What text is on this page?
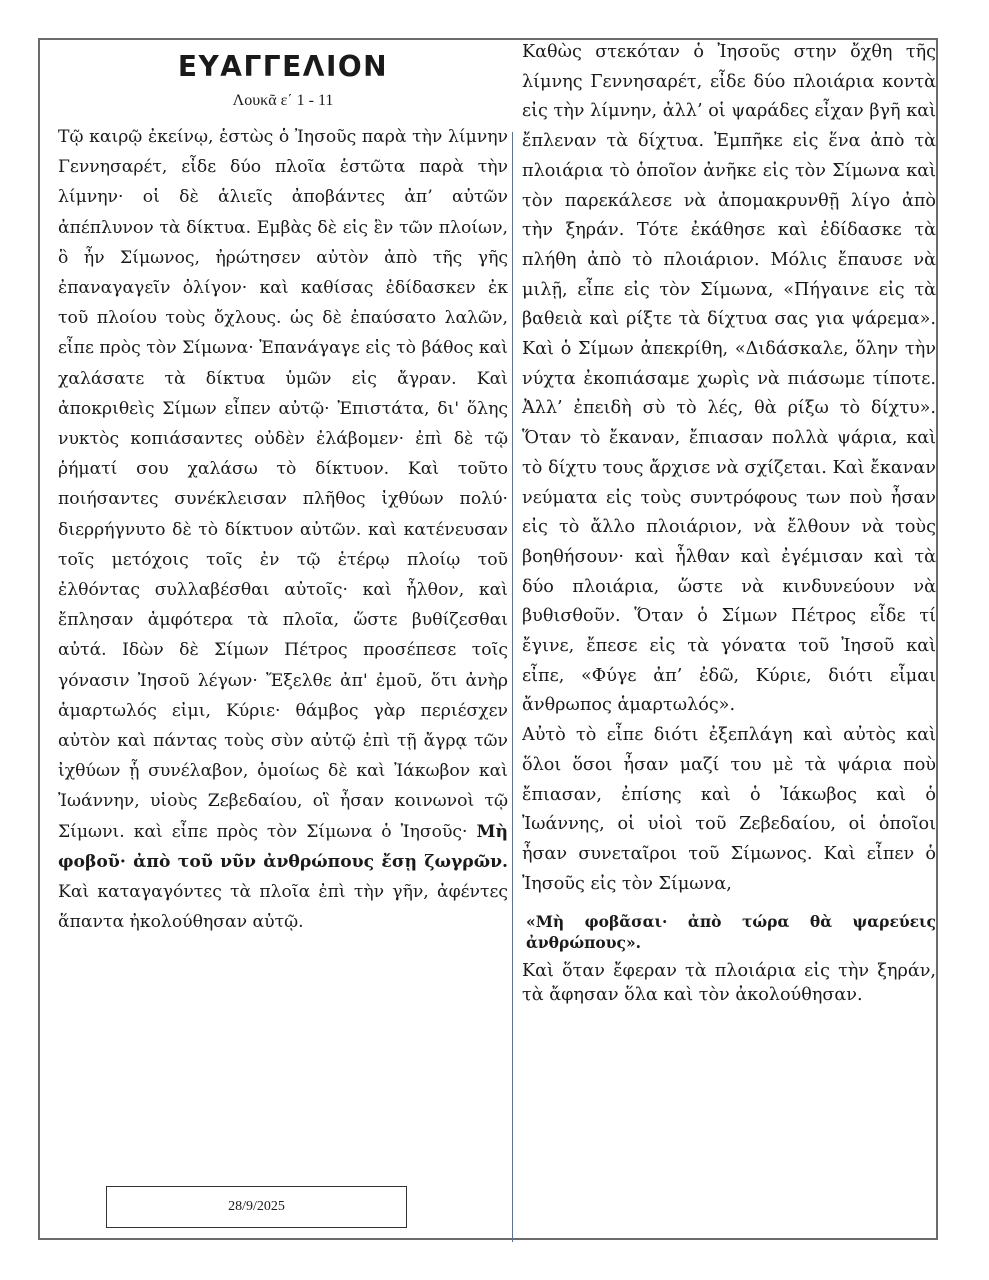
ΕΥΑΓΓΕΛΙΟΝ
Λουκᾶ ε΄ 1 - 11
Τῷ καιρῷ ἐκείνῳ, ἑστὼς ὁ Ἰησοῦς παρὰ τὴν λίμνην Γεννησαρέτ, εἶδε δύο πλοῖα ἑστῶτα παρὰ τὴν λίμνην· οἱ δὲ ἁλιεῖς ἀποβάντες ἀπ’ αὐτῶν ἀπέπλυνον τὰ δίκτυα. Εμβὰς δὲ εἰς ἓν τῶν πλοίων, ὃ ἦν Σίμωνος, ἠρώτησεν αὐτὸν ἀπὸ τῆς γῆς ἐπαναγαγεῖν ὀλίγον· καὶ καθίσας ἐδίδασκεν ἐκ τοῦ πλοίου τοὺς ὄχλους. ὡς δὲ ἐπαύσατο λαλῶν, εἶπε πρὸς τὸν Σίμωνα· Ἐπανάγαγε εἰς τὸ βάθος καὶ χαλάσατε τὰ δίκτυα ὑμῶν εἰς ἄγραν. Καὶ ἀποκριθεὶς Σίμων εἶπεν αὐτῷ· Ἐπιστάτα, δι' ὅλης νυκτὸς κοπιάσαντες οὐδὲν ἐλάβομεν· ἐπὶ δὲ τῷ ῥήματί σου χαλάσω τὸ δίκτυον. Καὶ τοῦτο ποιήσαντες συνέκλεισαν πλῆθος ἰχθύων πολύ· διερρήγνυτο δὲ τὸ δίκτυον αὐτῶν. καὶ κατένευσαν τοῖς μετόχοις τοῖς ἐν τῷ ἑτέρῳ πλοίῳ τοῦ ἐλθόντας συλλαβέσθαι αὐτοῖς· καὶ ἦλθον, καὶ ἔπλησαν ἀμφότερα τὰ πλοῖα, ὥστε βυθίζεσθαι αὐτά. Ιδὼν δὲ Σίμων Πέτρος προσέπεσε τοῖς γόνασιν Ἰησοῦ λέγων· Ἔξελθε ἀπ' ἐμοῦ, ὅτι ἀνὴρ ἁμαρτωλός εἰμι, Κύριε· θάμβος γὰρ περιέσχεν αὐτὸν καὶ πάντας τοὺς σὺν αὐτῷ ἐπὶ τῇ ἄγρᾳ τῶν ἰχθύων ᾗ συνέλαβον, ὁμοίως δὲ καὶ Ἰάκωβον καὶ Ἰωάννην, υἱοὺς Ζεβεδαίου, οἳ ἦσαν κοινωνοὶ τῷ Σίμωνι. καὶ εἶπε πρὸς τὸν Σίμωνα ὁ Ἰησοῦς· Μὴ φοβοῦ· ἀπὸ τοῦ νῦν ἀνθρώπους ἔσῃ ζωγρῶν. Καὶ καταγαγόντες τὰ πλοῖα ἐπὶ τὴν γῆν, ἀφέντες ἅπαντα ἠκολούθησαν αὐτῷ.
28/9/2025

Καθὼς στεκόταν ὁ Ἰησοῦς στην ὄχθη τῆς λίμνης Γεννησαρέτ, εἶδε δύο πλοιάρια κοντὰ εἰς τὴν λίμνην, ἀλλ’ οἱ ψαράδες εἶχαν βγῆ καὶ ἔπλεναν τὰ δίχτυα. Ἐμπῆκε εἰς ἕνα ἀπὸ τὰ πλοιάρια τὸ ὁποῖον ἀνῆκε εἰς τὸν Σίμωνα καὶ τὸν παρεκάλεσε νὰ ἀπομακρυνθῇ λίγο ἀπὸ τὴν ξηράν. Τότε ἐκάθησε καὶ ἐδίδασκε τὰ πλήθη ἀπὸ τὸ πλοιάριον. Μόλις ἔπαυσε νὰ μιλῇ, εἶπε εἰς τὸν Σίμωνα, «Πήγαινε εἰς τὰ βαθειὰ καὶ ρίξτε τὰ δίχτυα σας για ψάρεμα». Καὶ ὁ Σίμων ἀπεκρίθη, «Διδάσκαλε, ὅλην τὴν νύχτα ἐκοπιάσαμε χωρὶς νὰ πιάσωμε τίποτε. Ἀλλ’ ἐπειδὴ σὺ τὸ λές, θὰ ρίξω τὸ δίχτυ». Ὅταν τὸ ἔκαναν, ἔπιασαν πολλὰ ψάρια, καὶ τὸ δίχτυ τους ἄρχισε νὰ σχίζεται. Καὶ ἔκαναν νεύματα εἰς τοὺς συντρόφους των ποὺ ἦσαν εἰς τὸ ἄλλο πλοιάριον, νὰ ἔλθουν νὰ τοὺς βοηθήσουν· καὶ ἦλθαν καὶ ἐγέμισαν καὶ τὰ δύο πλοιάρια, ὥστε νὰ κινδυνεύουν νὰ βυθισθοῦν. Ὅταν ὁ Σίμων Πέτρος εἶδε τί ἔγινε, ἔπεσε εἰς τὰ γόνατα τοῦ Ἰησοῦ καὶ εἶπε, «Φύγε ἀπ’ ἐδῶ, Κύριε, διότι εἶμαι ἄνθρωπος ἁμαρτωλός».

Αὐτὸ τὸ εἶπε διότι ἐξεπλάγη καὶ αὐτὸς καὶ ὅλοι ὅσοι ἦσαν μαζί του μὲ τὰ ψάρια ποὺ ἔπιασαν, ἐπίσης καὶ ὁ Ἰάκωβος καὶ ὁ Ἰωάννης, οἱ υἱοὶ τοῦ Ζεβεδαίου, οἱ ὁποῖοι ἦσαν συνεταῖροι τοῦ Σίμωνος. Καὶ εἶπεν ὁ Ἰησοῦς εἰς τὸν Σίμωνα,

«Μὴ φοβᾶσαι· ἀπὸ τώρα θὰ ψαρεύεις ἀνθρώπους».

Καὶ ὅταν ἔφεραν τὰ πλοιάρια εἰς τὴν ξηράν, τὰ ἄφησαν ὅλα καὶ τὸν ἀκολούθησαν.
